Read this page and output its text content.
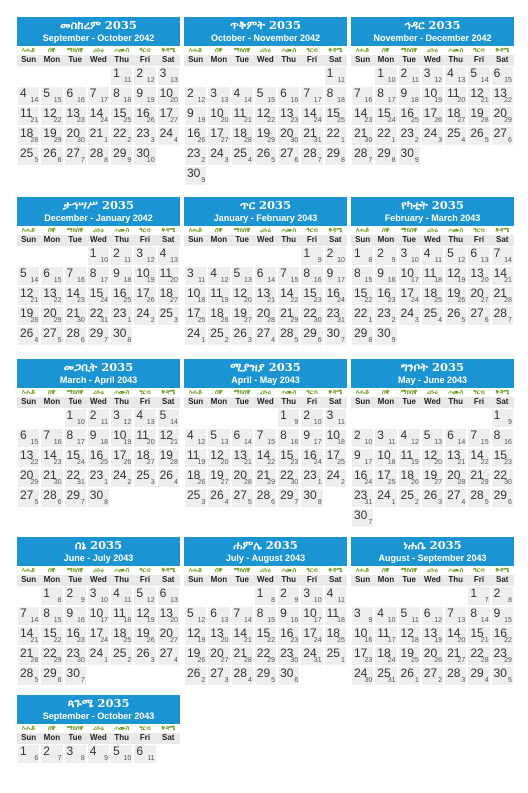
መስከረም 2035
September - October 2042
እሑድ
Sun
ሰኞ
Mon
ማክሰኞ
Tue
ረቡዕ
Wed
ሐሙስ
Thu
ዓርብ
Fri
ቅዳሜ
Sat
1
11
2
12
3
13
4
14
5
15
6
16
7
17
8
18
9
19
10
20
11
21
12
22
13
23
14
24
15
25
16
26
17
27
18
28
19
29
20
30
21
1
22
2
23
3
24
4
25
5
26
6
27
7
28
8
29
9
30
10
ጥቅምት 2035
October - November 2042
እሑድ
Sun
ሰኞ
Mon
ማክሰኞ
Tue
ረቡዕ
Wed
ሐሙስ
Thu
ዓርብ
Fri
ቅዳሜ
Sat
1
11
2
12
3
13
4
14
5
15
6
16
7
17
8
18
9
19
10
20
11
21
12
22
13
23
14
24
15
25
16
26
17
27
18
28
19
29
20
30
21
31
22
1
23
2
24
3
25
4
26
5
27
6
28
7
29
8
30
9
ኅዳር 2035
November - December 2042
እሑድ
Sun
ሰኞ
Mon
ማክሰኞ
Tue
ረቡዕ
Wed
ሐሙስ
Thu
ዓርብ
Fri
ቅዳሜ
Sat
1
10
2
11
3
12
4
13
5
14
6
15
7
16
8
17
9
18
10
19
11
20
12
21
13
22
14
23
15
24
16
25
17
26
18
27
19
28
20
29
21
30
22
1
23
2
24
3
25
4
26
5
27
6
28
7
29
8
30
9
ታኅሣሥ 2035
December - January 2042
እሑድ
Sun
ሰኞ
Mon
ማክሰኞ
Tue
ረቡዕ
Wed
ሐሙስ
Thu
ዓርብ
Fri
ቅዳሜ
Sat
1
10
2
11
3
12
4
13
5
14
6
15
7
16
8
17
9
18
10
19
11
20
12
21
13
22
14
23
15
24
16
25
17
26
18
27
19
28
20
29
21
30
22
31
23
1
24
2
25
3
26
4
27
5
28
6
29
7
30
8
ጥር 2035
January - February 2043
እሑድ
Sun
ሰኞ
Mon
ማክሰኞ
Tue
ረቡዕ
Wed
ሐሙስ
Thu
ዓርብ
Fri
ቅዳሜ
Sat
1
9
2
10
3
11
4
12
5
13
6
14
7
15
8
16
9
17
10
18
11
19
12
20
13
21
14
22
15
23
16
24
17
25
18
26
19
27
20
28
21
29
22
30
23
31
24
1
25
2
26
3
27
4
28
5
29
6
30
7
የካቲት 2035
February - March 2043
እሑድ
Sun
ሰኞ
Mon
ማክሰኞ
Tue
ረቡዕ
Wed
ሐሙስ
Thu
ዓርብ
Fri
ቅዳሜ
Sat
1
8
2
9
3
10
4
11
5
12
6
13
7
14
8
15
9
16
10
17
11
18
12
19
13
20
14
21
15
22
16
23
17
24
18
25
19
26
20
27
21
28
22
1
23
2
24
3
25
4
26
5
27
6
28
7
29
8
30
9
መጋቢት 2035
March - April 2043
እሑድ
Sun
ሰኞ
Mon
ማክሰኞ
Tue
ረቡዕ
Wed
ሐሙስ
Thu
ዓርብ
Fri
ቅዳሜ
Sat
1
10
2
11
3
12
4
13
5
14
6
15
7
16
8
17
9
18
10
19
11
20
12
21
13
22
14
23
15
24
16
25
17
26
18
27
19
28
20
29
21
30
22
31
23
1
24
2
25
3
26
4
27
5
28
6
29
7
30
8
ሚያዝያ 2035
April - May 2043
እሑድ
Sun
ሰኞ
Mon
ማክሰኞ
Tue
ረቡዕ
Wed
ሐሙስ
Thu
ዓርብ
Fri
ቅዳሜ
Sat
1
9
2
10
3
11
4
12
5
13
6
14
7
15
8
16
9
17
10
18
11
19
12
20
13
21
14
22
15
23
16
24
17
25
18
26
19
27
20
28
21
29
22
30
23
1
24
2
25
3
26
4
27
5
28
6
29
7
30
8
ግንቦት 2035
May - June 2043
እሑድ
Sun
ሰኞ
Mon
ማክሰኞ
Tue
ረቡዕ
Wed
ሐሙስ
Thu
ዓርብ
Fri
ቅዳሜ
Sat
1
9
2
10
3
11
4
12
5
13
6
14
7
15
8
16
9
17
10
18
11
19
12
20
13
21
14
22
15
23
16
24
17
25
18
26
19
27
20
28
21
29
22
30
23
31
24
1
25
2
26
3
27
4
28
5
29
6
30
7
ሰኔ 2035
June - July 2043
እሑድ
Sun
ሰኞ
Mon
ማክሰኞ
Tue
ረቡዕ
Wed
ሐሙስ
Thu
ዓርብ
Fri
ቅዳሜ
Sat
1
8
2
9
3
10
4
11
5
12
6
13
7
14
8
15
9
16
10
17
11
18
12
19
13
20
14
21
15
22
16
23
17
24
18
25
19
26
20
27
21
28
22
29
23
30
24
1
25
2
26
3
27
4
28
5
29
6
30
7
ሐምሌ 2035
July - August 2043
እሑድ
Sun
ሰኞ
Mon
ማክሰኞ
Tue
ረቡዕ
Wed
ሐሙስ
Thu
ዓርብ
Fri
ቅዳሜ
Sat
1
8
2
9
3
10
4
11
5
12
6
13
7
14
8
15
9
16
10
17
11
18
12
19
13
20
14
21
15
22
16
23
17
24
18
25
19
26
20
27
21
28
22
29
23
30
24
31
25
1
26
2
27
3
28
4
29
5
30
6
ነሐሴ 2035
August - September 2043
እሑድ
Sun
ሰኞ
Mon
ማክሰኞ
Tue
ረቡዕ
Wed
ሐሙስ
Thu
ዓርብ
Fri
ቅዳሜ
Sat
1
7
2
8
3
9
4
10
5
11
6
12
7
13
8
14
9
15
10
16
11
17
12
18
13
19
14
20
15
21
16
22
17
23
18
24
19
25
20
26
21
27
22
28
23
29
24
30
25
31
26
1
27
2
28
3
29
4
30
5
ጳጉሜ 2035
September - October 2043
እሑድ
Sun
ሰኞ
Mon
ማክሰኞ
Tue
ረቡዕ
Wed
ሐሙስ
Thu
ዓርብ
Fri
ቅዳሜ
Sat
1
6
2
7
3
8
4
9
5
10
6
11
